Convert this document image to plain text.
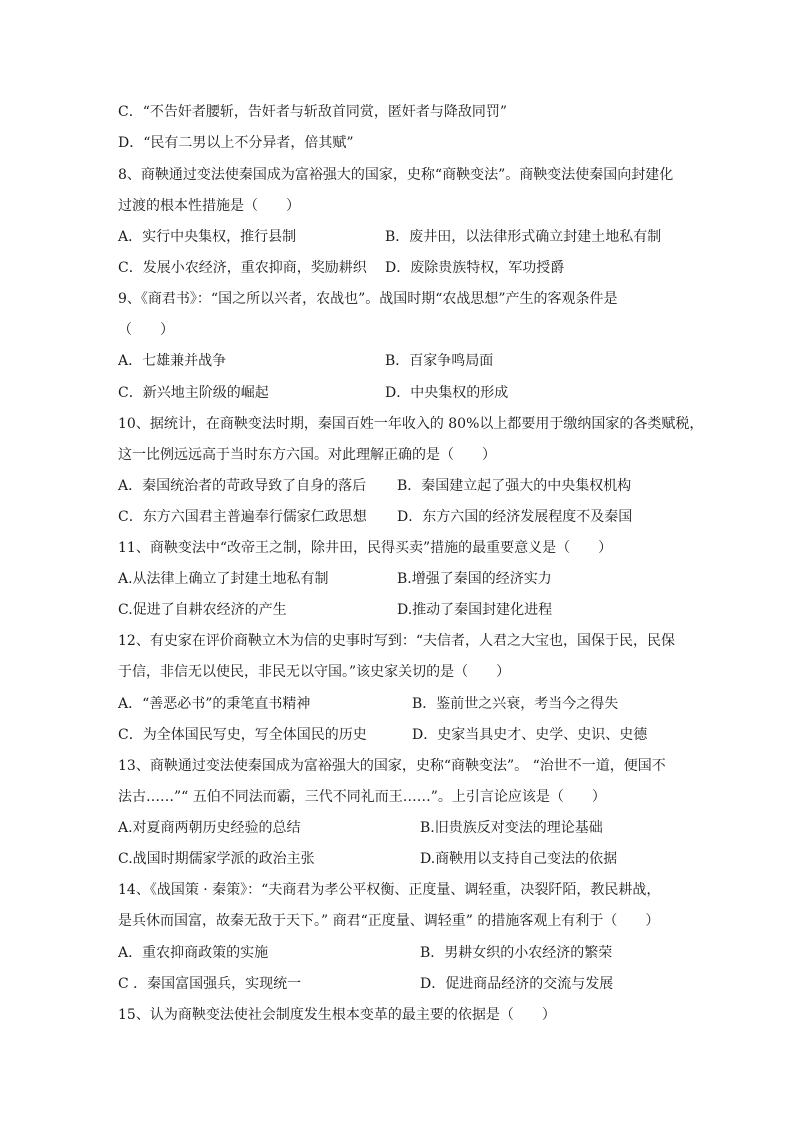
C．“不告奸者腰斩，告奸者与斩敌首同赏，匿奸者与降敌同罚”
D．“民有二男以上不分异者，倍其赋”
8、商鞅通过变法使秦国成为富裕强大的国家，史称“商鞅变法”。商鞅变法使秦国向封建化
过渡的根本性措施是（　　）
A．实行中央集权，推行县制	B．废井田，以法律形式确立封建土地私有制
C．发展小农经济，重农抑商，奖励耕织 D．废除贵族特权，军功授爵
9、《商君书》：“国之所以兴者，农战也”。战国时期“农战思想”产生的客观条件是
（　　）
A．七雄兼并战争	B．百家争鸣局面
C．新兴地主阶级的崛起	D．中央集权的形成
10、据统计，在商鞅变法时期，秦国百姓一年收入的 80%以上都要用于缴纳国家的各类赋税，
这一比例远远高于当时东方六国。对此理解正确的是（　　）
A．秦国统治者的苛政导致了自身的落后 B．秦国建立起了强大的中央集权机构
C．东方六国君主普遍奉行儒家仁政思想 D．东方六国的经济发展程度不及秦国
11、商鞅变法中“改帝王之制，除井田，民得买卖”措施的最重要意义是（　　）
A.从法律上确立了封建土地私有制	B.增强了秦国的经济实力
C.促进了自耕农经济的产生	D.推动了秦国封建化进程
12、有史家在评价商鞅立木为信的史事时写到：“夫信者，人君之大宝也，国保于民，民保
于信，非信无以使民，非民无以守国。”该史家关切的是（　　）
A．“善恶必书”的秉笔直书精神	B．鉴前世之兴衰，考当今之得失
C．为全体国民写史，写全体国民的历史	D．史家当具史才、史学、史识、史德
13、商鞅通过变法使秦国成为富裕强大的国家，史称“商鞅变法”。 “治世不一道，便国不
法古……”“ 五伯不同法而霸，三代不同礼而王……”。上引言论应该是（　　）
A.对夏商两朝历史经验的总结	B.旧贵族反对变法的理论基础
C.战国时期儒家学派的政治主张	D.商鞅用以支持自己变法的依据
14、《战国策 · 秦策》：“夫商君为孝公平权衡、正度量、调轻重，决裂阡陌，教民耕战，
是兵休而国富，故秦无敌于天下。” 商君“正度量、调轻重” 的措施客观上有利于（　　）
A．重农抑商政策的实施	B．男耕女织的小农经济的繁荣
C ．秦国富国强兵，实现统一	D．促进商品经济的交流与发展
15、认为商鞅变法使社会制度发生根本变革的最主要的依据是（　　）
